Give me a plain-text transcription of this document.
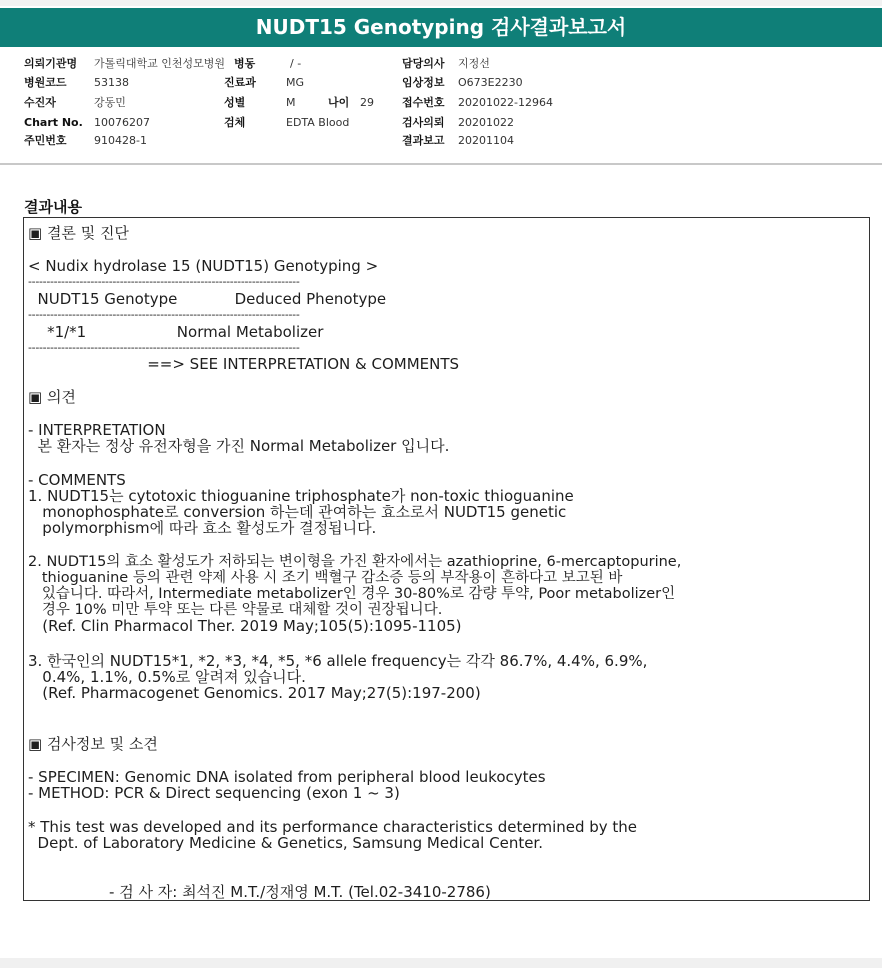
NUDT15 Genotyping 검사결과보고서
의뢰기관명 가톨릭대학교 인천성모병원 병동	/ -	담당의사 지정선
병원코드 53138	진료과	MG	임상정보 O673E2230
수진자	강동민	성별	M	나이 29	접수번호 20201022-12964
Chart No. 10076207	검체	EDTA Blood	검사의뢰 20201022
주민번호 910428-1	결과보고 20201104
결과내용
▣ 결론 및 진단
< Nudix hydrolase 15 (NUDT15) Genotyping >
--------------------------------------------------------------------------
NUDT15 Genotype            Deduced Phenotype
--------------------------------------------------------------------------
*1/*1                   Normal Metabolizer
--------------------------------------------------------------------------
==> SEE INTERPRETATION & COMMENTS
▣ 의견
- INTERPRETATION
본 환자는 정상 유전자형을 가진 Normal Metabolizer 입니다.
- COMMENTS
1. NUDT15는 cytotoxic thioguanine triphosphate가 non-toxic thioguanine
monophosphate로 conversion 하는데 관여하는 효소로서 NUDT15 genetic
polymorphism에 따라 효소 활성도가 결정됩니다.
2. NUDT15의 효소 활성도가 저하되는 변이형을 가진 환자에서는 azathioprine, 6-mercaptopurine,
thioguanine 등의 관련 약제 사용 시 조기 백혈구 감소증 등의 부작용이 흔하다고 보고된 바
있습니다. 따라서, Intermediate metabolizer인 경우 30-80%로 감량 투약, Poor metabolizer인
경우 10% 미만 투약 또는 다른 약물로 대체할 것이 권장됩니다.
(Ref. Clin Pharmacol Ther. 2019 May;105(5):1095-1105)
3. 한국인의 NUDT15*1, *2, *3, *4, *5, *6 allele frequency는 각각 86.7%, 4.4%, 6.9%,
0.4%, 1.1%, 0.5%로 알려져 있습니다.
(Ref. Pharmacogenet Genomics. 2017 May;27(5):197-200)
▣ 검사정보 및 소견
- SPECIMEN: Genomic DNA isolated from peripheral blood leukocytes
- METHOD: PCR & Direct sequencing (exon 1 ~ 3)
* This test was developed and its performance characteristics determined by the
Dept. of Laboratory Medicine & Genetics, Samsung Medical Center.
- 검 사 자: 최석진 M.T./정재영 M.T. (Tel.02-3410-2786)
